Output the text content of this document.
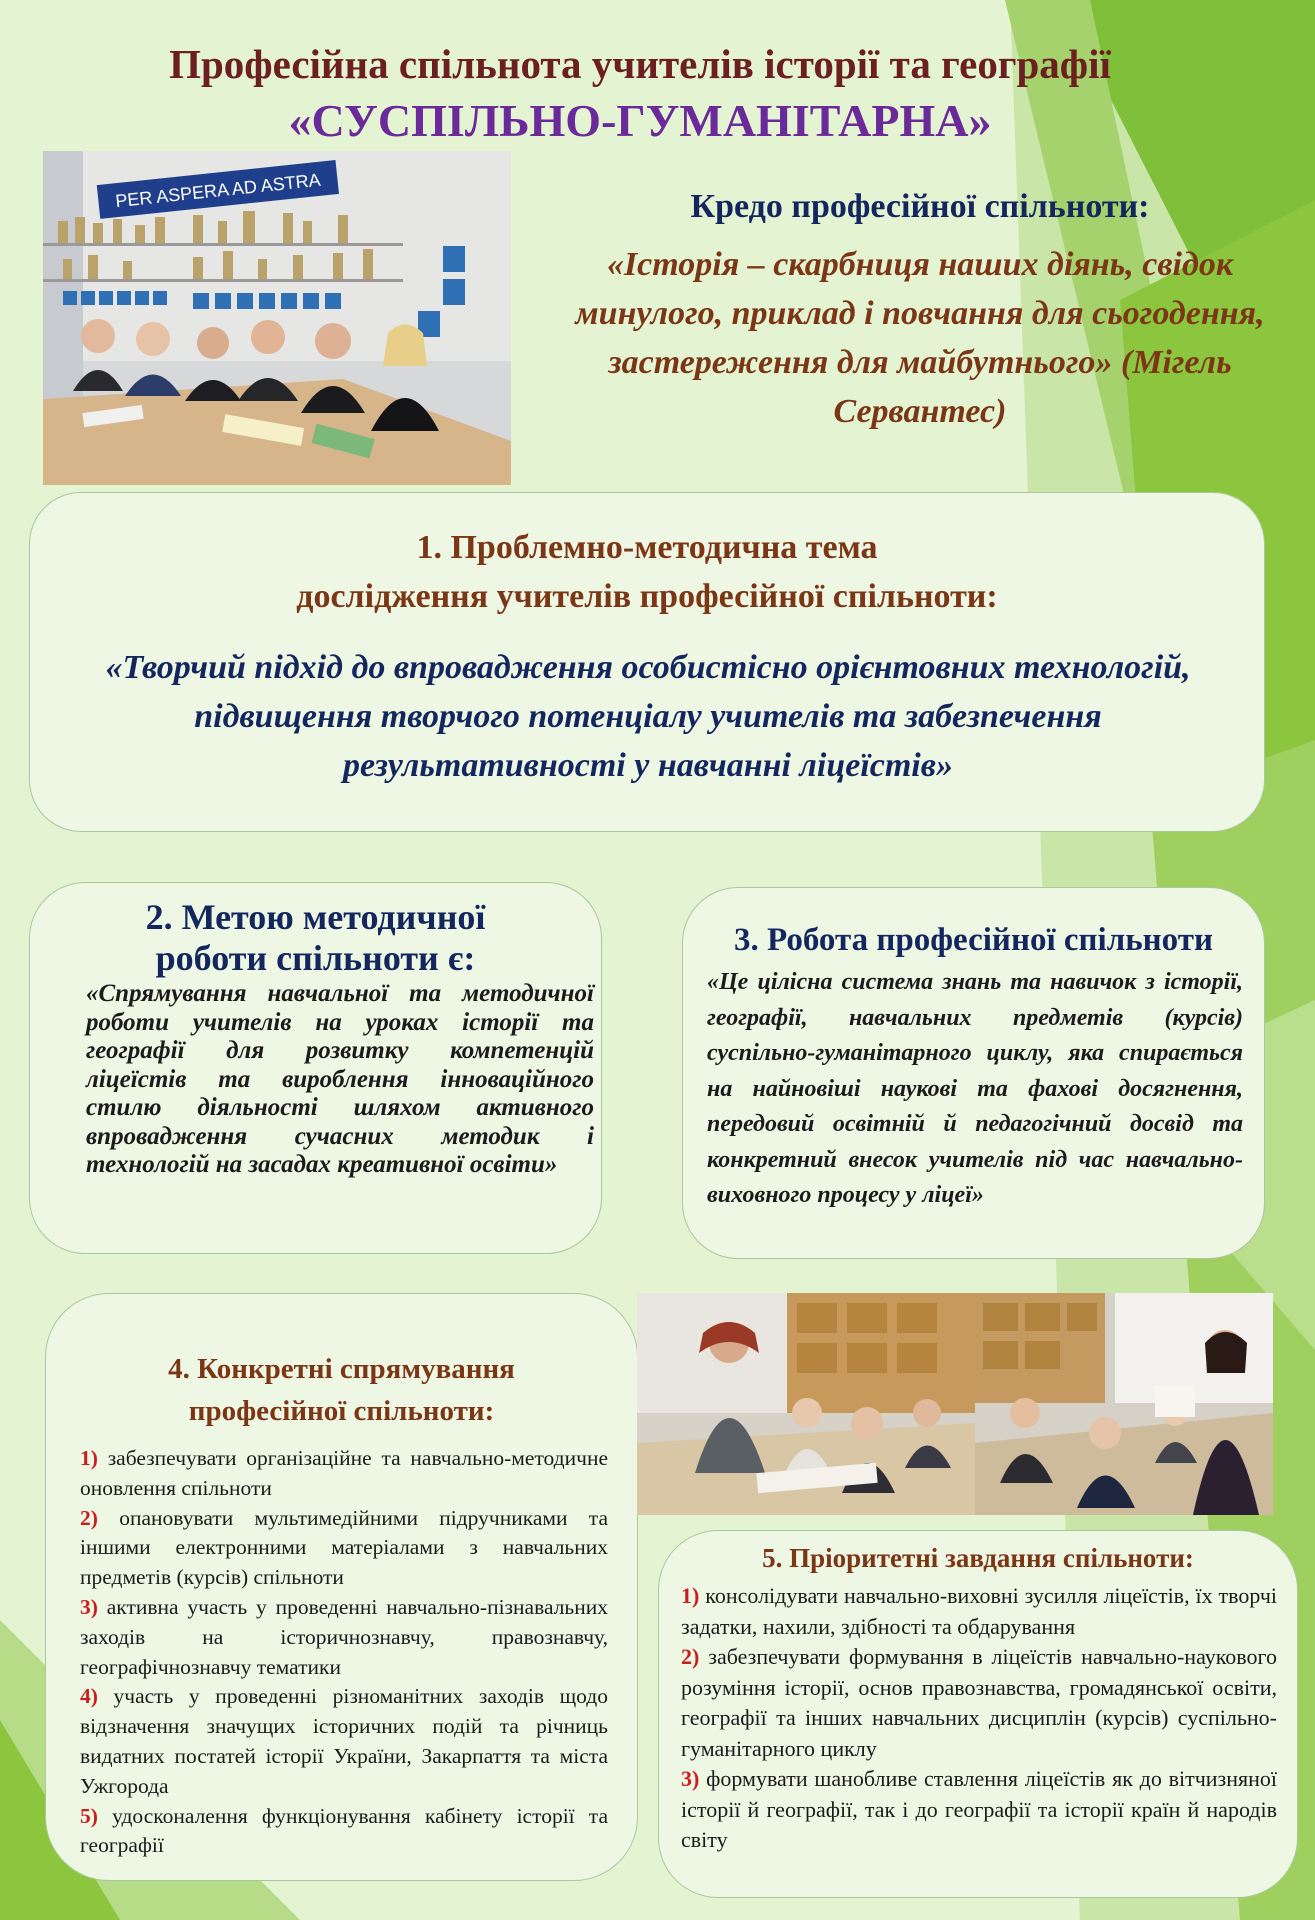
Професійна спільнота учителів історії та географії
«СУСПІЛЬНО-ГУМАНІТАРНА»
PER ASPERA AD ASTRA	Кредо професійної спільноти:
«Історія – скарбниця наших діянь, свідок минулого, приклад і повчання для сьогодення, застереження для майбутнього» (Мігель Сервантес)
1. Проблемно-методична тема
дослідження учителів професійної спільноти:
«Творчий підхід до впровадження особистісно орієнтовних технологій, підвищення творчого потенціалу учителів та забезпечення результативності у навчанні ліцеїстів»
2. Метою методичної
роботи спільноти є:
«Спрямування навчальної та методичної роботи учителів на уроках історії та географії для розвитку компетенцій ліцеїстів та вироблення інноваційного стилю діяльності шляхом активного впровадження сучасних методик і технологій на засадах креативної освіти»
3. Робота професійної спільноти
«Це цілісна система знань та навичок з історії, географії, навчальних предметів (курсів) суспільно-гуманітарного циклу, яка спирається на найновіші наукові та фахові досягнення, передовий освітній й педагогічний досвід та конкретний внесок учителів під час навчально-виховного процесу у ліцеї»
4. Конкретні спрямування
професійної спільноти:

1) забезпечувати організаційне та навчально-методичне оновлення спільноти

2) опановувати мультимедійними підручниками та іншими електронними матеріалами з навчальних предметів (курсів) спільноти

3) активна участь у проведенні навчально-пізнавальних заходів на історичнознавчу, правознавчу, географічнознавчу тематики

4) участь у проведенні різноманітних заходів щодо відзначення значущих історичних подій та річниць видатних постатей історії України, Закарпаття та міста Ужгорода

5) удосконалення функціонування кабінету історії та географії

5. Пріоритетні завдання спільноти:

1) консолідувати навчально-виховні зусилля ліцеїстів, їх творчі задатки, нахили, здібності та обдарування

2) забезпечувати формування в ліцеїстів навчально-наукового розуміння історії, основ правознавства, громадянської освіти, географії та інших навчальних дисциплін (курсів) суспільно-гуманітарного циклу

3) формувати шанобливе ставлення ліцеїстів як до вітчизняної історії й географії, так і до географії та історії країн й народів світу
